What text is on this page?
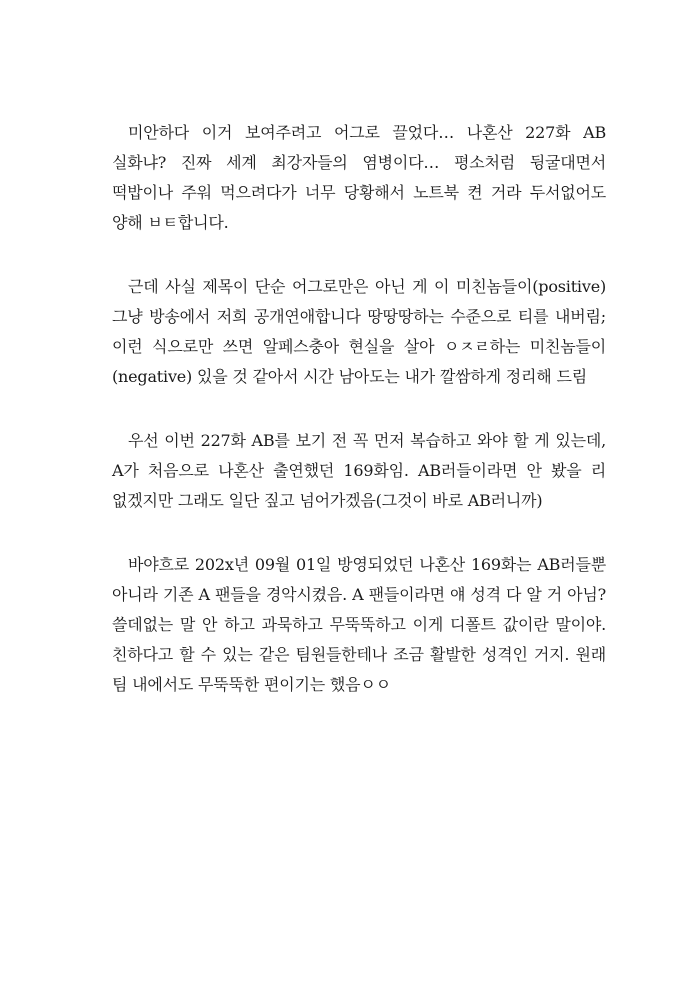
미안하다 이거 보여주려고 어그로 끌었다… 나혼산 227화 AB 실화냐? 진짜 세계 최강자들의 염병이다… 평소처럼 뒹굴대면서 떡밥이나 주워 먹으려다가 너무 당황해서 노트북 켠 거라 두서없어도 양해 ㅂㅌ합니다.

근데 사실 제목이 단순 어그로만은 아닌 게 이 미친놈들이(positive) 그냥 방송에서 저희 공개연애합니다 땅땅땅하는 수준으로 티를 내버림; 이런 식으로만 쓰면 알페스충아 현실을 살아 ㅇㅈㄹ하는 미친놈들이(negative) 있을 것 같아서 시간 남아도는 내가 깔쌈하게 정리해 드림

우선 이번 227화 AB를 보기 전 꼭 먼저 복습하고 와야 할 게 있는데, A가 처음으로 나혼산 출연했던 169화임. AB러들이라면 안 봤을 리 없겠지만 그래도 일단 짚고 넘어가겠음(그것이 바로 AB러니까)

바야흐로 202x년 09월 01일 방영되었던 나혼산 169화는 AB러들뿐 아니라 기존 A 팬들을 경악시켰음. A 팬들이라면 얘 성격 다 알 거 아님? 쓸데없는 말 안 하고 과묵하고 무뚝뚝하고 이게 디폴트 값이란 말이야. 친하다고 할 수 있는 같은 팀원들한테나 조금 활발한 성격인 거지. 원래 팀 내에서도 무뚝뚝한 편이기는 했음ㅇㅇ
